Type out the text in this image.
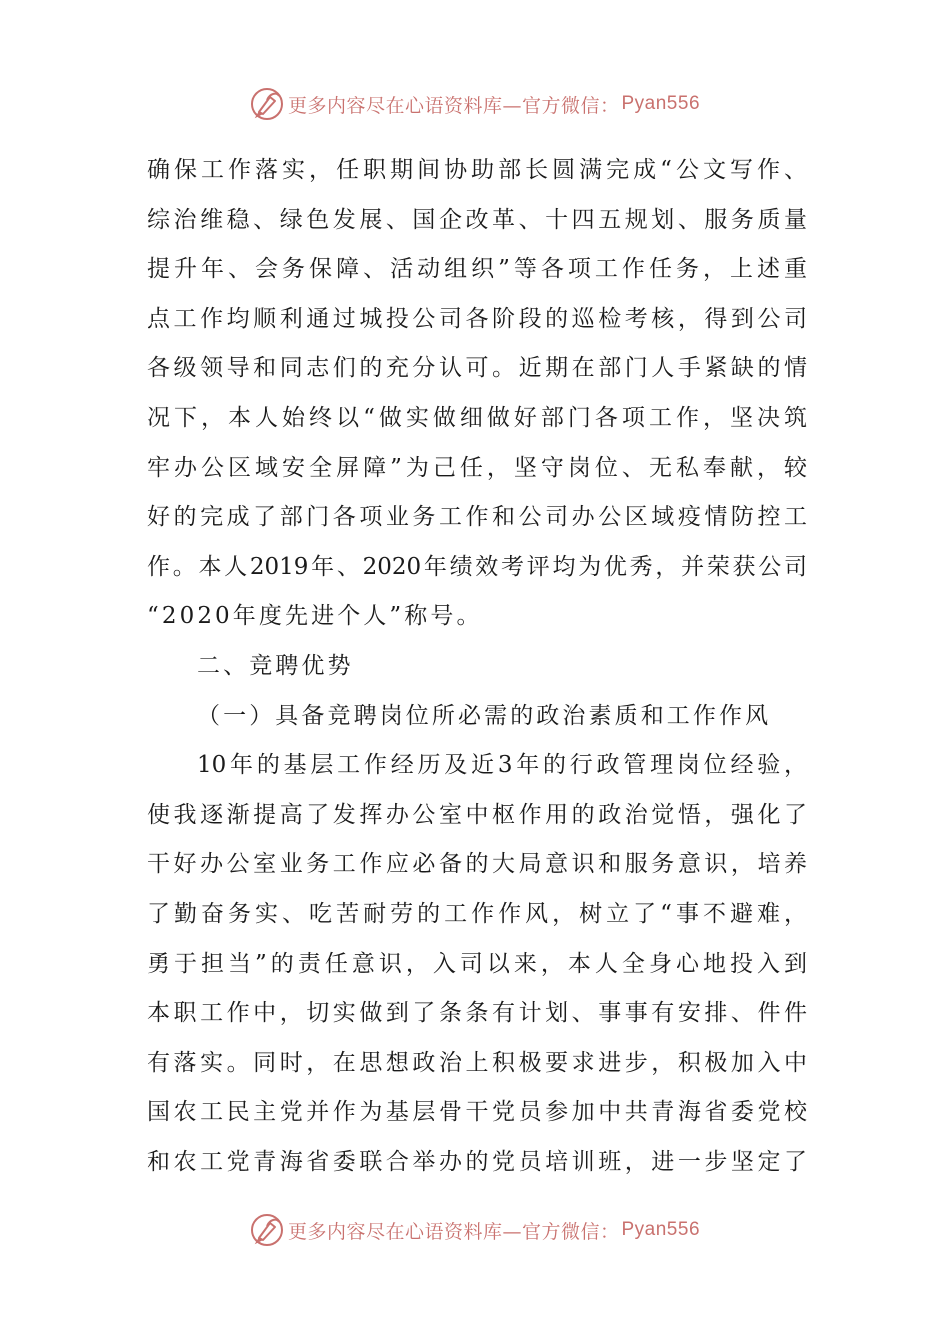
更多内容尽在心语资料库—官方微信： Pyan556
确保工作落实，任职期间协助部长圆满完成“公文写作、
综治维稳、绿色发展、国企改革、十四五规划、服务质量
提升年、会务保障、活动组织”等各项工作任务，上述重
点工作均顺利通过城投公司各阶段的巡检考核，得到公司
各级领导和同志们的充分认可。近期在部门人手紧缺的情
况下，本人始终以“做实做细做好部门各项工作，坚决筑
牢办公区域安全屏障”为己任，坚守岗位、无私奉献，较
好的完成了部门各项业务工作和公司办公区域疫情防控工
作。本人2019年、2020年绩效考评均为优秀，并荣获公司
“2020年度先进个人”称号。
二、竞聘优势
（一）具备竞聘岗位所必需的政治素质和工作作风
10年的基层工作经历及近3年的行政管理岗位经验，
使我逐渐提高了发挥办公室中枢作用的政治觉悟，强化了
干好办公室业务工作应必备的大局意识和服务意识，培养
了勤奋务实、吃苦耐劳的工作作风，树立了“事不避难，
勇于担当”的责任意识，入司以来，本人全身心地投入到
本职工作中，切实做到了条条有计划、事事有安排、件件
有落实。同时，在思想政治上积极要求进步，积极加入中
国农工民主党并作为基层骨干党员参加中共青海省委党校
和农工党青海省委联合举办的党员培训班，进一步坚定了
更多内容尽在心语资料库—官方微信： Pyan556
